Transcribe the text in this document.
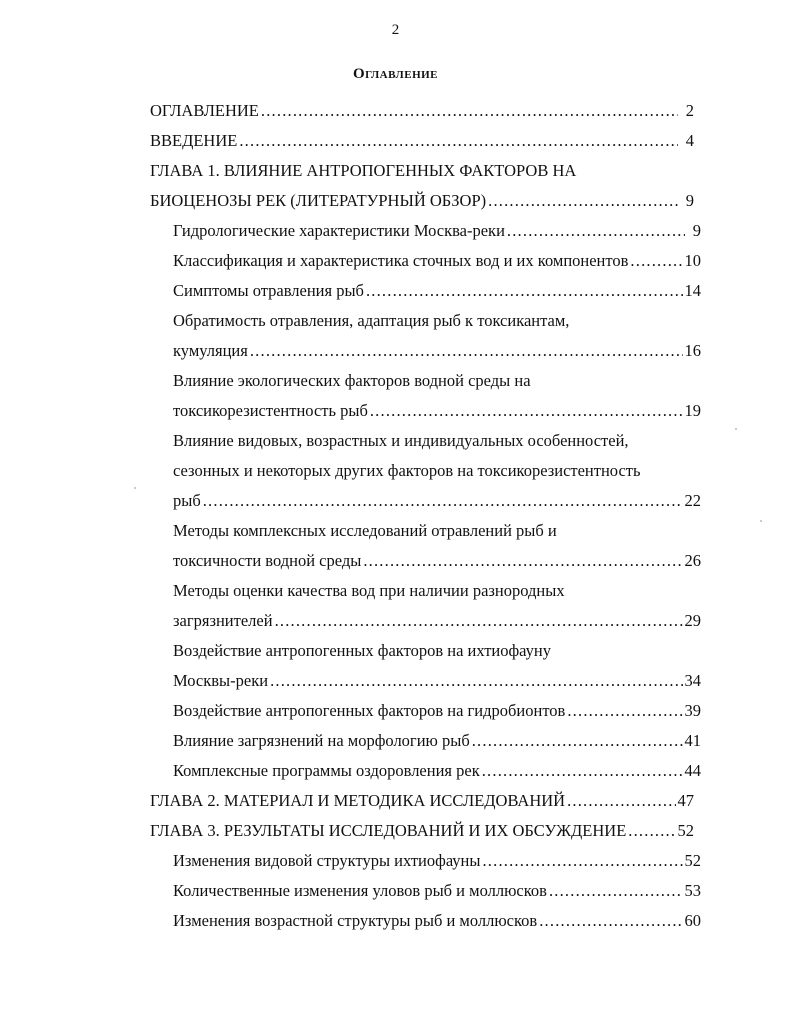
2
Оглавление
ОГЛАВЛЕНИЕ .....	2
ВВЕДЕНИЕ .....	4
ГЛАВА 1. ВЛИЯНИЕ АНТРОПОГЕННЫХ ФАКТОРОВ НА
БИОЦЕНОЗЫ РЕК (ЛИТЕРАТУРНЫЙ ОБЗОР) .....	9
Гидрологические характеристики Москва-реки .....	9
Классификация и характеристика сточных вод и их компонентов .....	10
Симптомы отравления рыб .....	14
Обратимость отравления, адаптация рыб к токсикантам,
кумуляция .....	16
Влияние экологических факторов водной среды на
токсикорезистентность рыб .....	19
Влияние видовых, возрастных и индивидуальных особенностей,
сезонных и некоторых других факторов на токсикорезистентность
рыб .....	22
Методы комплексных исследований отравлений рыб и
токсичности водной среды .....	26
Методы оценки качества вод при наличии разнородных
загрязнителей .....	29
Воздействие антропогенных факторов на ихтиофауну
Москвы-реки .....	34
Воздействие антропогенных факторов на гидробионтов .....	39
Влияние загрязнений на морфологию рыб .....	41
Комплексные программы оздоровления рек .....	44
ГЛАВА 2. МАТЕРИАЛ И МЕТОДИКА ИССЛЕДОВАНИЙ .....	47
ГЛАВА 3. РЕЗУЛЬТАТЫ ИССЛЕДОВАНИЙ И ИХ ОБСУЖДЕНИЕ .....	52
Изменения видовой структуры ихтиофауны .....	52
Количественные изменения уловов рыб и моллюсков .....	53
Изменения возрастной структуры рыб и моллюсков .....	60
